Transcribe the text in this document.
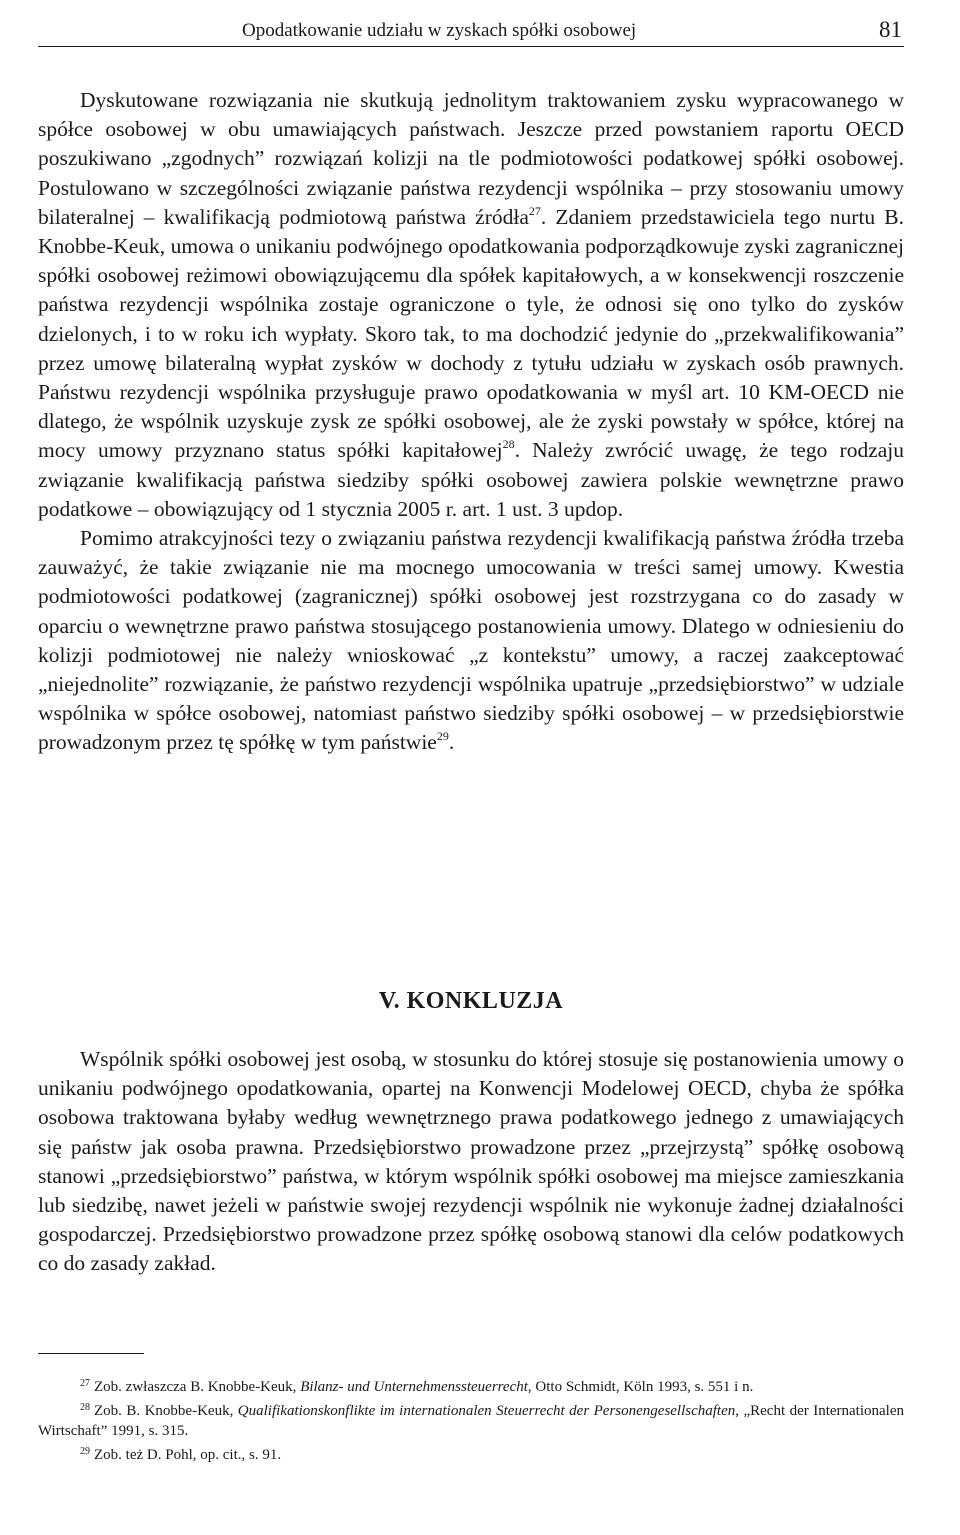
Opodatkowanie udziału w zyskach spółki osobowej	81

Dyskutowane rozwiązania nie skutkują jednolitym traktowaniem zysku wypracowanego w spółce osobowej w obu umawiających państwach. Jeszcze przed powstaniem raportu OECD poszukiwano „zgodnych” rozwiązań kolizji na tle podmiotowości podatkowej spółki osobowej. Postulowano w szczególności związanie państwa rezydencji wspólnika – przy stosowaniu umowy bilateralnej – kwalifikacją podmiotową państwa źródła$^{27}$. Zdaniem przedstawiciela tego nurtu B. Knobbe-Keuk, umowa o unikaniu podwójnego opodatkowania podporządkowuje zyski zagranicznej spółki osobowej reżimowi obowiązującemu dla spółek kapitałowych, a w konsekwencji roszczenie państwa rezydencji wspólnika zostaje ograniczone o tyle, że odnosi się ono tylko do zysków dzielonych, i to w roku ich wypłaty. Skoro tak, to ma dochodzić jedynie do „przekwalifikowania” przez umowę bilateralną wypłat zysków w dochody z tytułu udziału w zyskach osób prawnych. Państwu rezydencji wspólnika przysługuje prawo opodatkowania w myśl art. 10 KM-OECD nie dlatego, że wspólnik uzyskuje zysk ze spółki osobowej, ale że zyski powstały w spółce, której na mocy umowy przyznano status spółki kapitałowej$^{28}$. Należy zwrócić uwagę, że tego rodzaju związanie kwalifikacją państwa siedziby spółki osobowej zawiera polskie wewnętrzne prawo podatkowe – obowiązujący od 1 stycznia 2005 r. art. 1 ust. 3 updop.

Pomimo atrakcyjności tezy o związaniu państwa rezydencji kwalifikacją państwa źródła trzeba zauważyć, że takie związanie nie ma mocnego umocowania w treści samej umowy. Kwestia podmiotowości podatkowej (zagranicznej) spółki osobowej jest rozstrzygana co do zasady w oparciu o wewnętrzne prawo państwa stosującego postanowienia umowy. Dlatego w odniesieniu do kolizji podmiotowej nie należy wnioskować „z kontekstu” umowy, a raczej zaakceptować „niejednolite” rozwiązanie, że państwo rezydencji wspólnika upatruje „przedsiębiorstwo” w udziale wspólnika w spółce osobowej, natomiast państwo siedziby spółki osobowej – w przedsiębiorstwie prowadzonym przez tę spółkę w tym państwie$^{29}$.

V. KONKLUZJA

Wspólnik spółki osobowej jest osobą, w stosunku do której stosuje się postanowienia umowy o unikaniu podwójnego opodatkowania, opartej na Konwencji Modelowej OECD, chyba że spółka osobowa traktowana byłaby według wewnętrznego prawa podatkowego jednego z umawiających się państw jak osoba prawna. Przedsiębiorstwo prowadzone przez „przejrzystą” spółkę osobową stanowi „przedsiębiorstwo” państwa, w którym wspólnik spółki osobowej ma miejsce zamieszkania lub siedzibę, nawet jeżeli w państwie swojej rezydencji wspólnik nie wykonuje żadnej działalności gospodarczej. Przedsiębiorstwo prowadzone przez spółkę osobową stanowi dla celów podatkowych co do zasady zakład.

$^{27}$ Zob. zwłaszcza B. Knobbe-Keuk, Bilanz- und Unternehmenssteuerrecht, Otto Schmidt, Köln 1993, s. 551 i n.

$^{28}$ Zob. B. Knobbe-Keuk, Qualifikationskonflikte im internationalen Steuerrecht der Personengesellschaften, „Recht der Internationalen Wirtschaft” 1991, s. 315.

$^{29}$ Zob. też D. Pohl, op. cit., s. 91.
